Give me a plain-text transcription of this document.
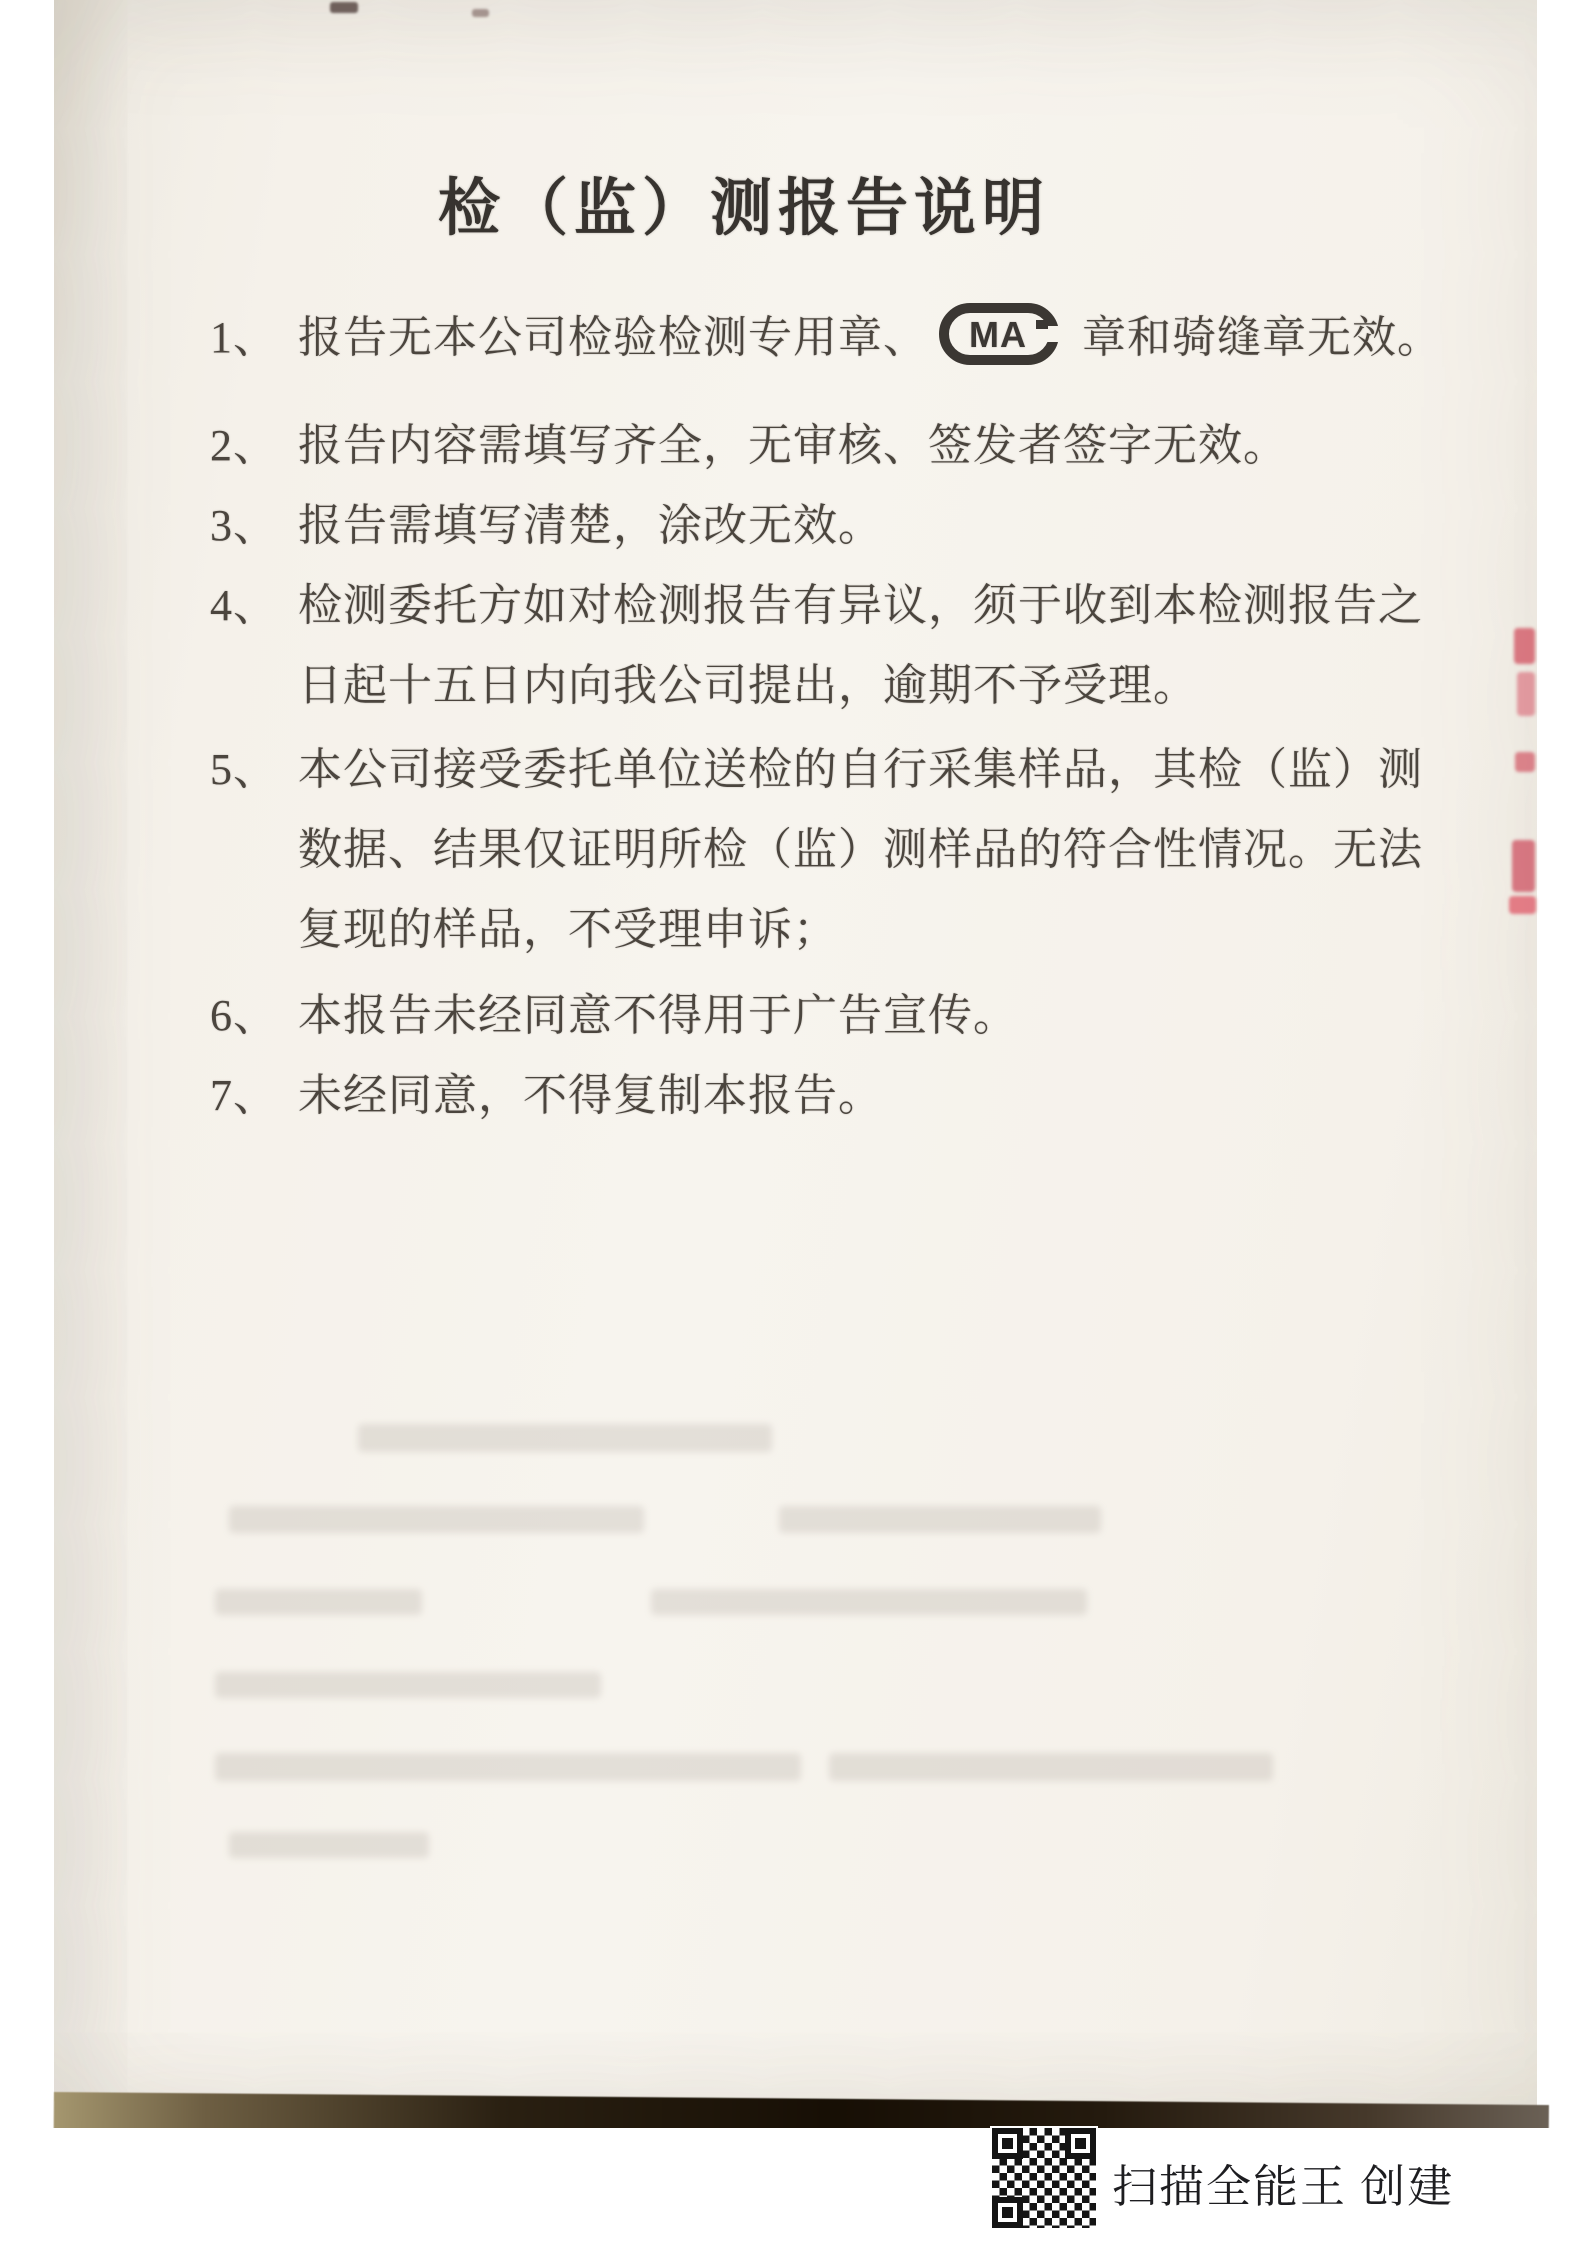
检（监）测报告说明
1、 报告无本公司检验检测专用章、 MA 章和骑缝章无效。
2、 报告内容需填写齐全，无审核、签发者签字无效。
3、 报告需填写清楚，涂改无效。
4、 检测委托方如对检测报告有异议，须于收到本检测报告之
日起十五日内向我公司提出，逾期不予受理。
5、 本公司接受委托单位送检的自行采集样品，其检（监）测
数据、结果仅证明所检（监）测样品的符合性情况。无法
复现的样品，不受理申诉；
6、 本报告未经同意不得用于广告宣传。
7、 未经同意，不得复制本报告。
扫描全能王 创建
